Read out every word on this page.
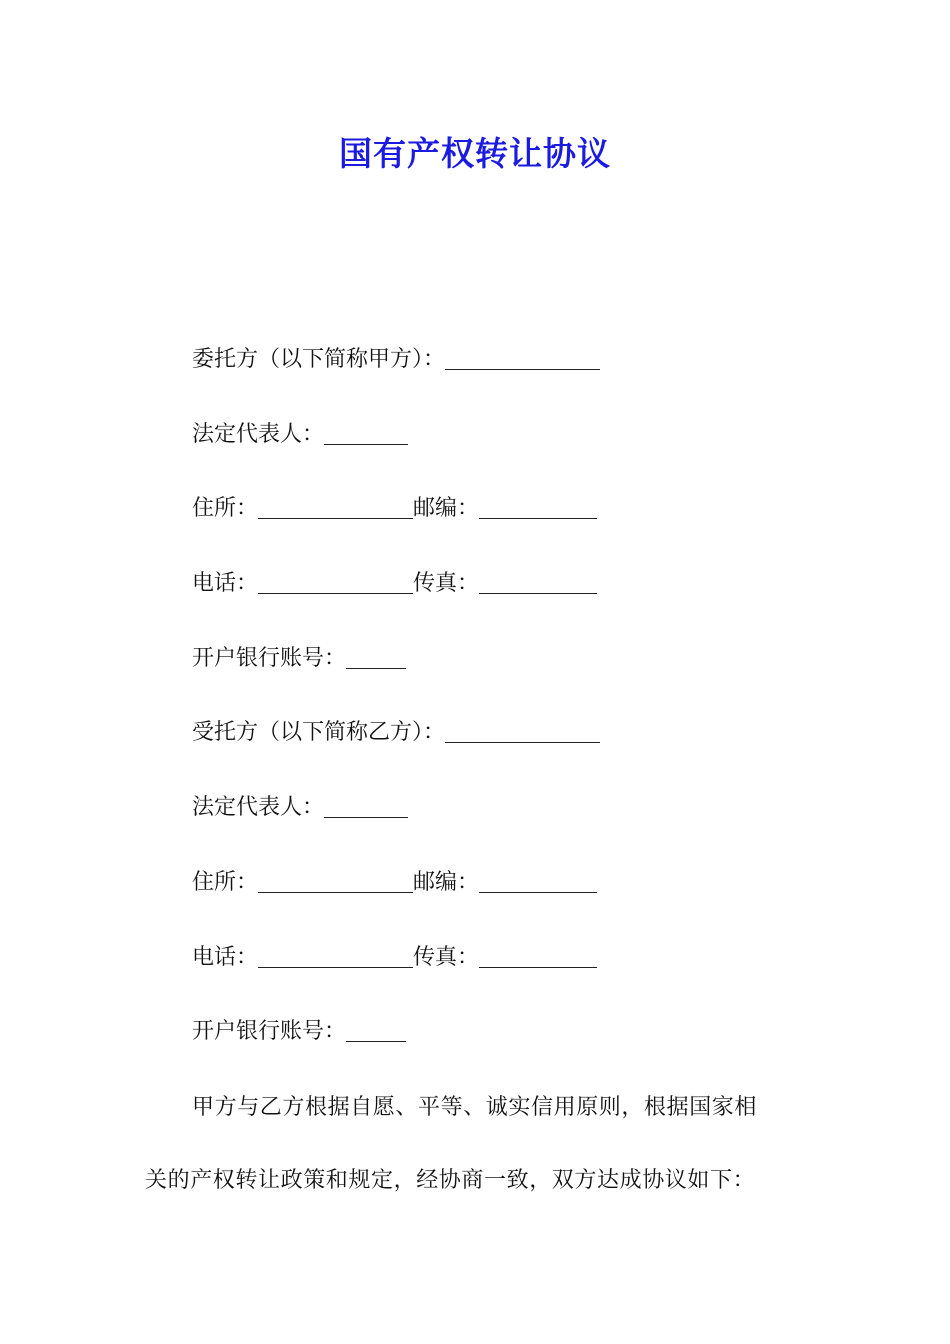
国有产权转让协议
委托方（以下简称甲方）：
法定代表人：
住所：	邮编：
电话：	传真：
开户银行账号：
受托方（以下简称乙方）：
法定代表人：
住所：	邮编：
电话：	传真：
开户银行账号：
甲方与乙方根据自愿、平等、诚实信用原则，根据国家相
关的产权转让政策和规定，经协商一致，双方达成协议如下：
